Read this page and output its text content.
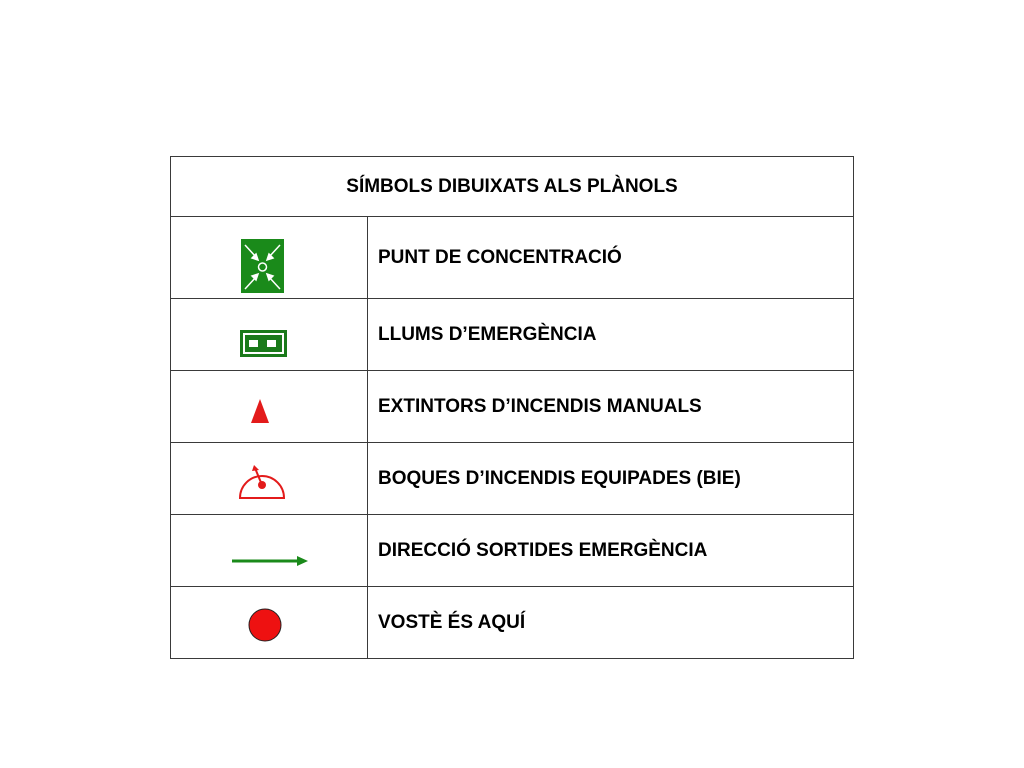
SÍMBOLS DIBUIXATS ALS PLÀNOLS	

	PUNT DE CONCENTRACIÓ

	LLUMS D’EMERGÈNCIA

	EXTINTORS D’INCENDIS MANUALS

	BOQUES D’INCENDIS EQUIPADES (BIE)

	DIRECCIÓ SORTIDES EMERGÈNCIA

	VOSTÈ ÉS AQUÍ
